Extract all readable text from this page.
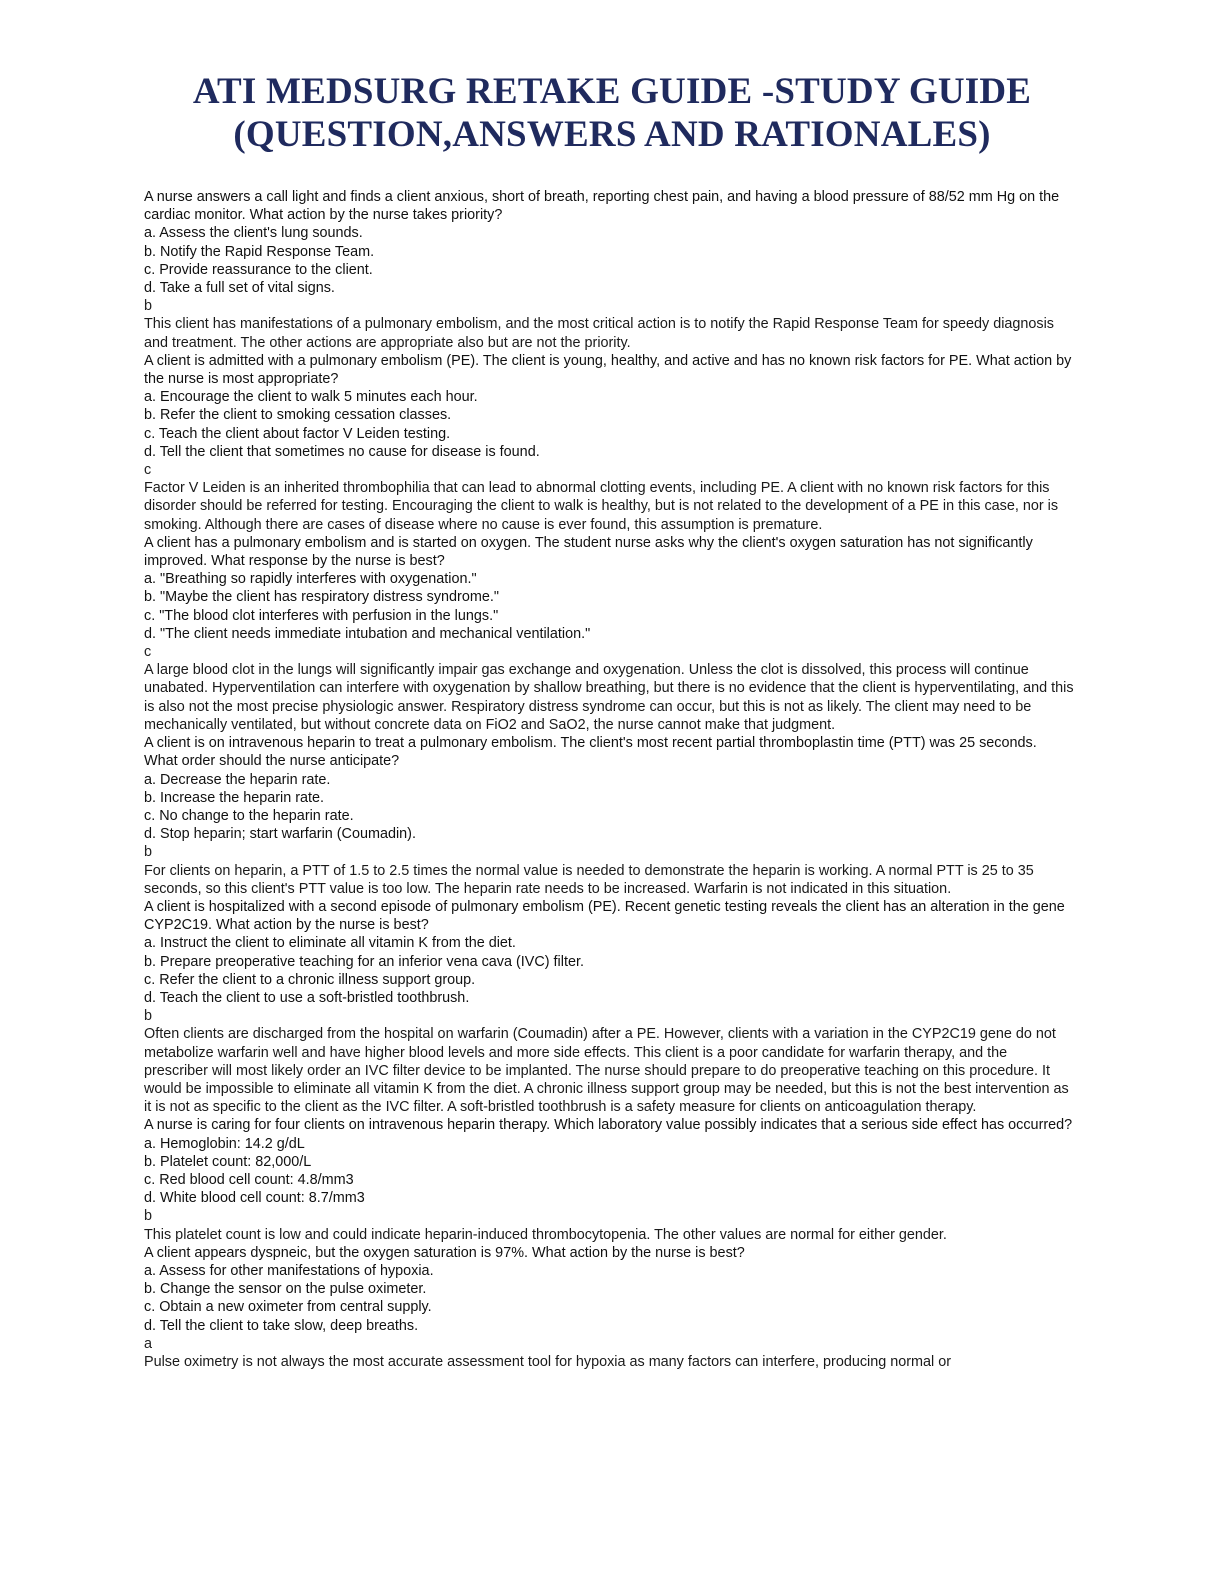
ATI MEDSURG RETAKE GUIDE -STUDY GUIDE
(QUESTION,ANSWERS AND RATIONALES)

A nurse answers a call light and finds a client anxious, short of breath, reporting chest pain, and having a blood pressure of 88/52 mm Hg on the cardiac monitor. What action by the nurse takes priority?

a. Assess the client's lung sounds.

b. Notify the Rapid Response Team.

c. Provide reassurance to the client.

d. Take a full set of vital signs.

b

This client has manifestations of a pulmonary embolism, and the most critical action is to notify the Rapid Response Team for speedy diagnosis and treatment. The other actions are appropriate also but are not the priority.

A client is admitted with a pulmonary embolism (PE). The client is young, healthy, and active and has no known risk factors for PE. What action by the nurse is most appropriate?

a. Encourage the client to walk 5 minutes each hour.

b. Refer the client to smoking cessation classes.

c. Teach the client about factor V Leiden testing.

d. Tell the client that sometimes no cause for disease is found.

c

Factor V Leiden is an inherited thrombophilia that can lead to abnormal clotting events, including PE. A client with no known risk factors for this disorder should be referred for testing. Encouraging the client to walk is healthy, but is not related to the development of a PE in this case, nor is smoking. Although there are cases of disease where no cause is ever found, this assumption is premature.

A client has a pulmonary embolism and is started on oxygen. The student nurse asks why the client's oxygen saturation has not significantly improved. What response by the nurse is best?

a. "Breathing so rapidly interferes with oxygenation."

b. "Maybe the client has respiratory distress syndrome."

c. "The blood clot interferes with perfusion in the lungs."

d. "The client needs immediate intubation and mechanical ventilation."

c

A large blood clot in the lungs will significantly impair gas exchange and oxygenation. Unless the clot is dissolved, this process will continue unabated. Hyperventilation can interfere with oxygenation by shallow breathing, but there is no evidence that the client is hyperventilating, and this is also not the most precise physiologic answer. Respiratory distress syndrome can occur, but this is not as likely. The client may need to be mechanically ventilated, but without concrete data on FiO2 and SaO2, the nurse cannot make that judgment.

A client is on intravenous heparin to treat a pulmonary embolism. The client's most recent partial thromboplastin time (PTT) was 25 seconds. What order should the nurse anticipate?

a. Decrease the heparin rate.

b. Increase the heparin rate.

c. No change to the heparin rate.

d. Stop heparin; start warfarin (Coumadin).

b

For clients on heparin, a PTT of 1.5 to 2.5 times the normal value is needed to demonstrate the heparin is working. A normal PTT is 25 to 35 seconds, so this client's PTT value is too low. The heparin rate needs to be increased. Warfarin is not indicated in this situation.

A client is hospitalized with a second episode of pulmonary embolism (PE). Recent genetic testing reveals the client has an alteration in the gene CYP2C19. What action by the nurse is best?

a. Instruct the client to eliminate all vitamin K from the diet.

b. Prepare preoperative teaching for an inferior vena cava (IVC) filter.

c. Refer the client to a chronic illness support group.

d. Teach the client to use a soft-bristled toothbrush.

b

Often clients are discharged from the hospital on warfarin (Coumadin) after a PE. However, clients with a variation in the CYP2C19 gene do not metabolize warfarin well and have higher blood levels and more side effects. This client is a poor candidate for warfarin therapy, and the prescriber will most likely order an IVC filter device to be implanted. The nurse should prepare to do preoperative teaching on this procedure. It would be impossible to eliminate all vitamin K from the diet. A chronic illness support group may be needed, but this is not the best intervention as it is not as specific to the client as the IVC filter. A soft-bristled toothbrush is a safety measure for clients on anticoagulation therapy.

A nurse is caring for four clients on intravenous heparin therapy. Which laboratory value possibly indicates that a serious side effect has occurred?

a. Hemoglobin: 14.2 g/dL

b. Platelet count: 82,000/L

c. Red blood cell count: 4.8/mm3

d. White blood cell count: 8.7/mm3

b

This platelet count is low and could indicate heparin-induced thrombocytopenia. The other values are normal for either gender.

A client appears dyspneic, but the oxygen saturation is 97%. What action by the nurse is best?

a. Assess for other manifestations of hypoxia.

b. Change the sensor on the pulse oximeter.

c. Obtain a new oximeter from central supply.

d. Tell the client to take slow, deep breaths.

a

Pulse oximetry is not always the most accurate assessment tool for hypoxia as many factors can interfere, producing normal or
